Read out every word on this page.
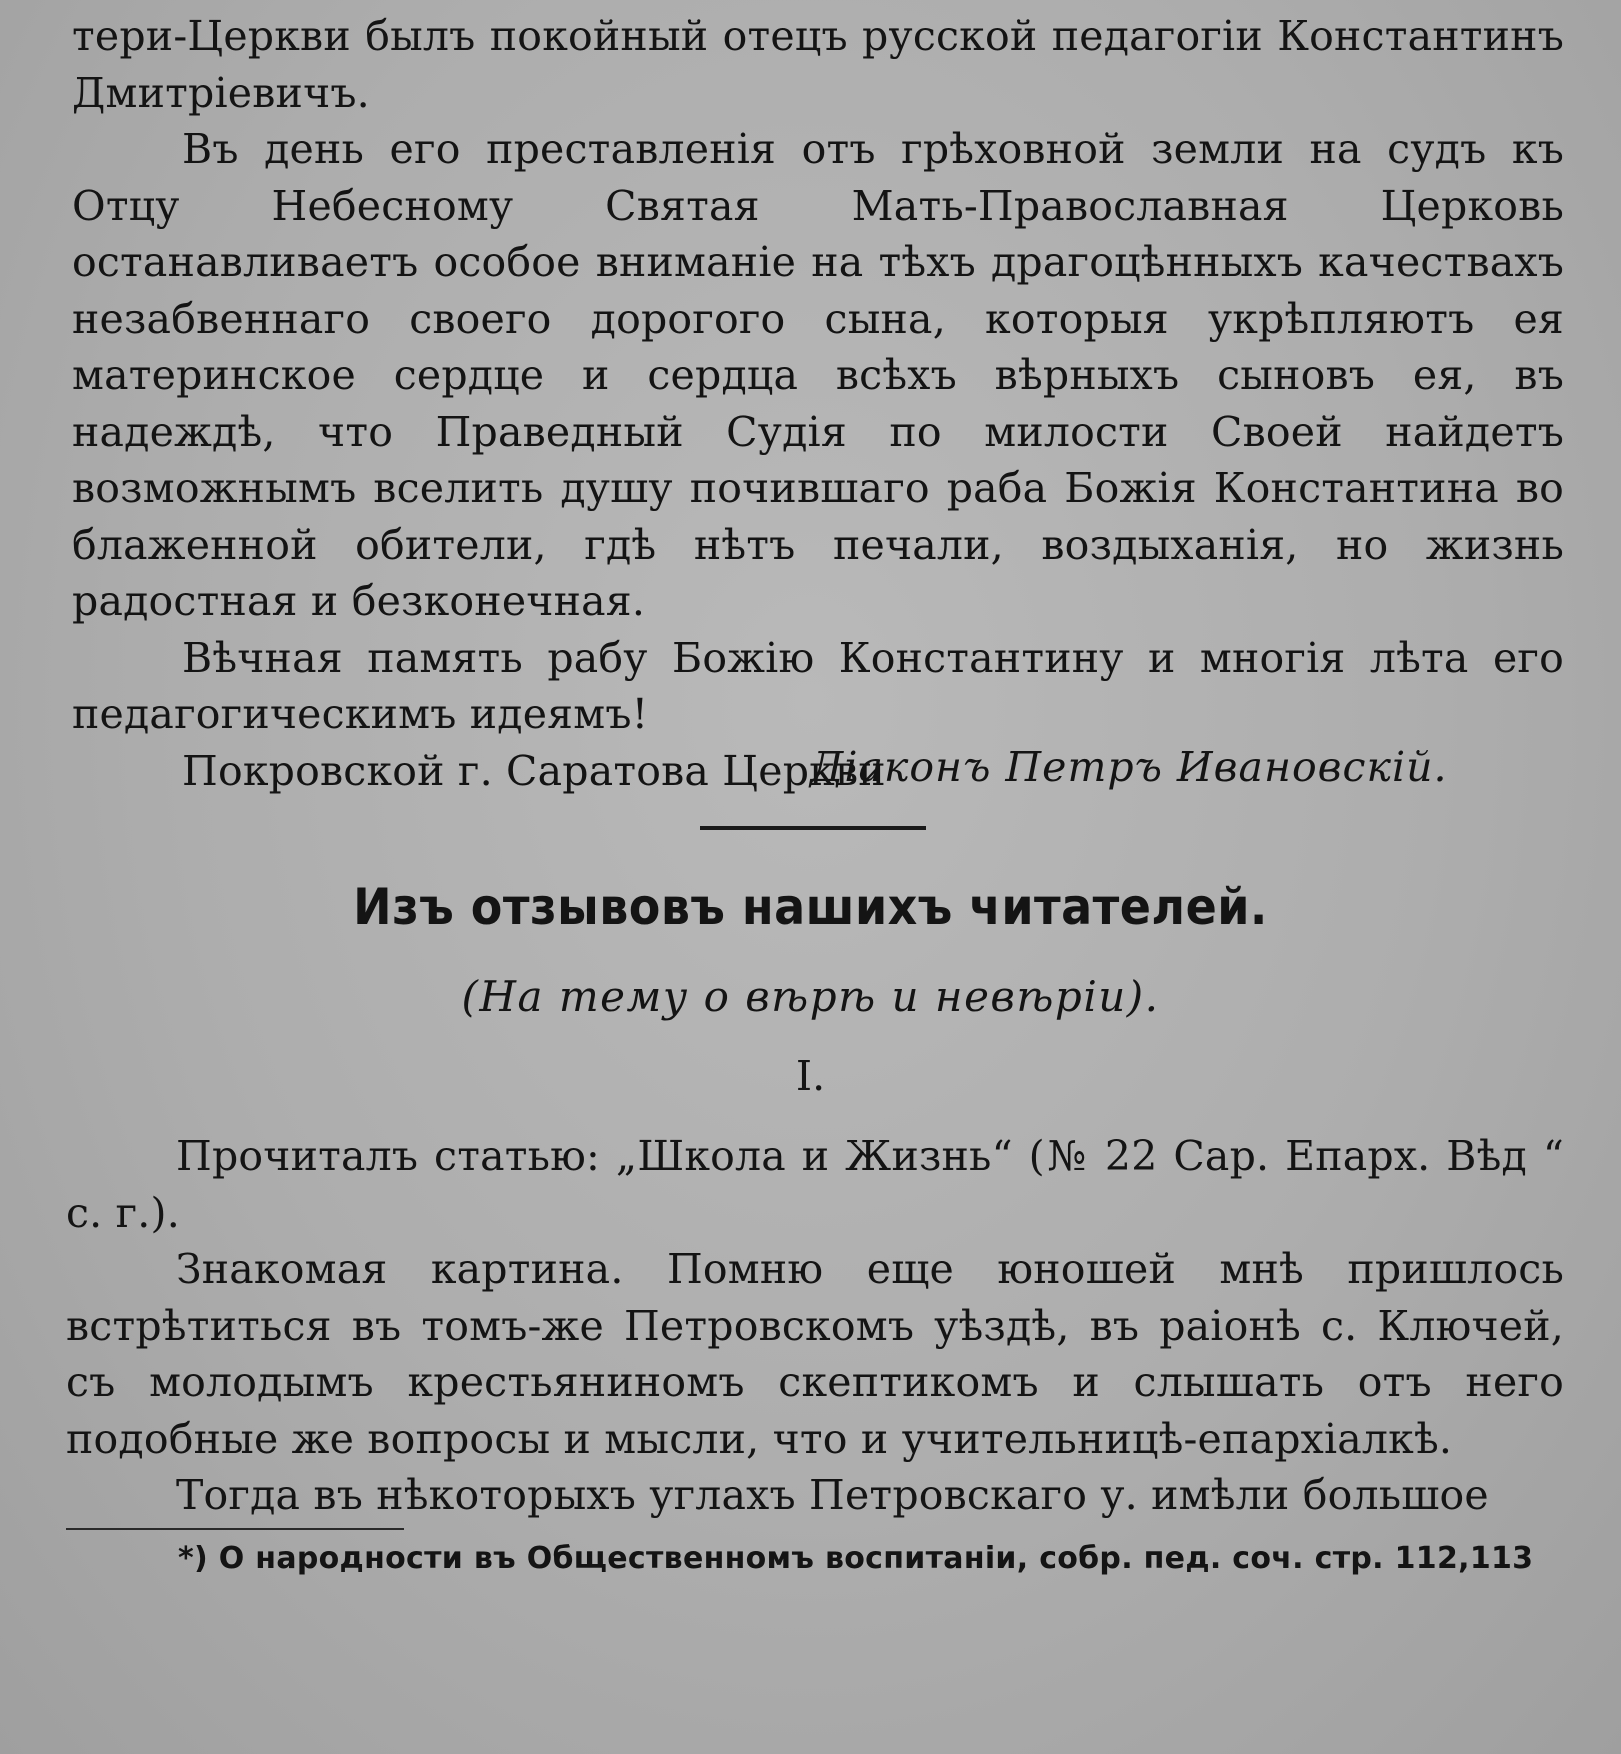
тери-Церкви былъ покойный отецъ русской педагогіи Константинъ Дмитріевичъ.

Въ день его преставленія отъ грѣховной земли на судъ къ Отцу Небесному Святая Мать-Православная Церковь останавливаетъ особое вниманіе на тѣхъ драгоцѣнныхъ качествахъ незабвеннаго своего дорогого сына, которыя укрѣпляютъ ея материнское сердце и сердца всѣхъ вѣрныхъ сыновъ ея, въ надеждѣ, что Праведный Судія по милости Своей найдетъ возможнымъ вселить душу почившаго раба Божія Константина во блаженной обители, гдѣ нѣтъ печали, воздыханія, но жизнь радостная и безконечная.

Вѣчная память рабу Божію Константину и многія лѣта его педагогическимъ идеямъ!

Покровской г. Саратова Церкви

Діаконъ Петръ Ивановскій.
Изъ отзывовъ нашихъ читателей.
(На тему о вѣрѣ и невѣріи).
I.

Прочиталъ статью: „Школа и Жизнь“ (№ 22 Сар. Епарх. Вѣд “ с. г.).

Знакомая картина. Помню еще юношей мнѣ пришлось встрѣтиться въ томъ-же Петровскомъ уѣздѣ, въ раіонѣ с. Ключей, съ молодымъ крестьяниномъ скептикомъ и слышать отъ него подобные же вопросы и мысли, что и учительницѣ-епархіалкѣ.

Тогда въ нѣкоторыхъ углахъ Петровскаго у. имѣли большое

*) О народности въ Общественномъ воспитаніи, собр. пед. соч. стр. 112,113
